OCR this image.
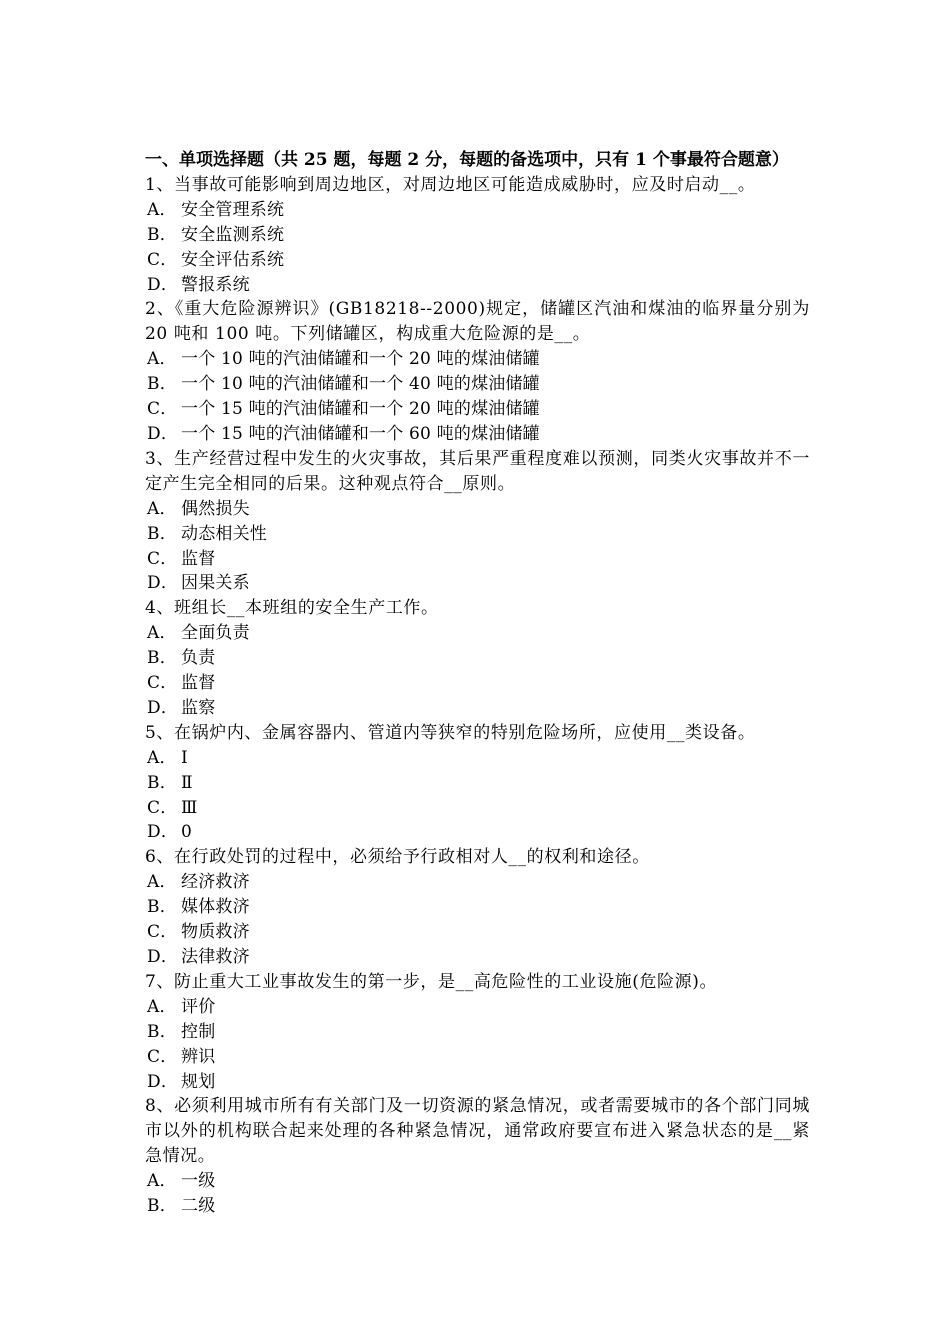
一、单项选择题（共 25 题，每题 2 分，每题的备选项中，只有 1 个事最符合题意）
1、当事故可能影响到周边地区，对周边地区可能造成威胁时，应及时启动__。
A． 安全管理系统
B． 安全监测系统
C． 安全评估系统
D． 警报系统
2、《重大危险源辨识》(GB18218--2000)规定，储罐区汽油和煤油的临界量分别为 20 吨和 100 吨。下列储罐区，构成重大危险源的是__。
A． 一个 10 吨的汽油储罐和一个 20 吨的煤油储罐
B． 一个 10 吨的汽油储罐和一个 40 吨的煤油储罐
C． 一个 15 吨的汽油储罐和一个 20 吨的煤油储罐
D． 一个 15 吨的汽油储罐和一个 60 吨的煤油储罐
3、生产经营过程中发生的火灾事故，其后果严重程度难以预测，同类火灾事故并不一定产生完全相同的后果。这种观点符合__原则。
A． 偶然损失
B． 动态相关性
C． 监督
D． 因果关系
4、班组长__本班组的安全生产工作。
A． 全面负责
B． 负责
C． 监督
D． 监察
5、在锅炉内、金属容器内、管道内等狭窄的特别危险场所，应使用__类设备。
A． Ⅰ
B． Ⅱ
C． Ⅲ
D． 0
6、在行政处罚的过程中，必须给予行政相对人__的权利和途径。
A． 经济救济
B． 媒体救济
C． 物质救济
D． 法律救济
7、防止重大工业事故发生的第一步，是__高危险性的工业设施(危险源)。
A． 评价
B． 控制
C． 辨识
D． 规划
8、必须利用城市所有有关部门及一切资源的紧急情况，或者需要城市的各个部门同城市以外的机构联合起来处理的各种紧急情况，通常政府要宣布进入紧急状态的是__紧急情况。
A． 一级
B． 二级
